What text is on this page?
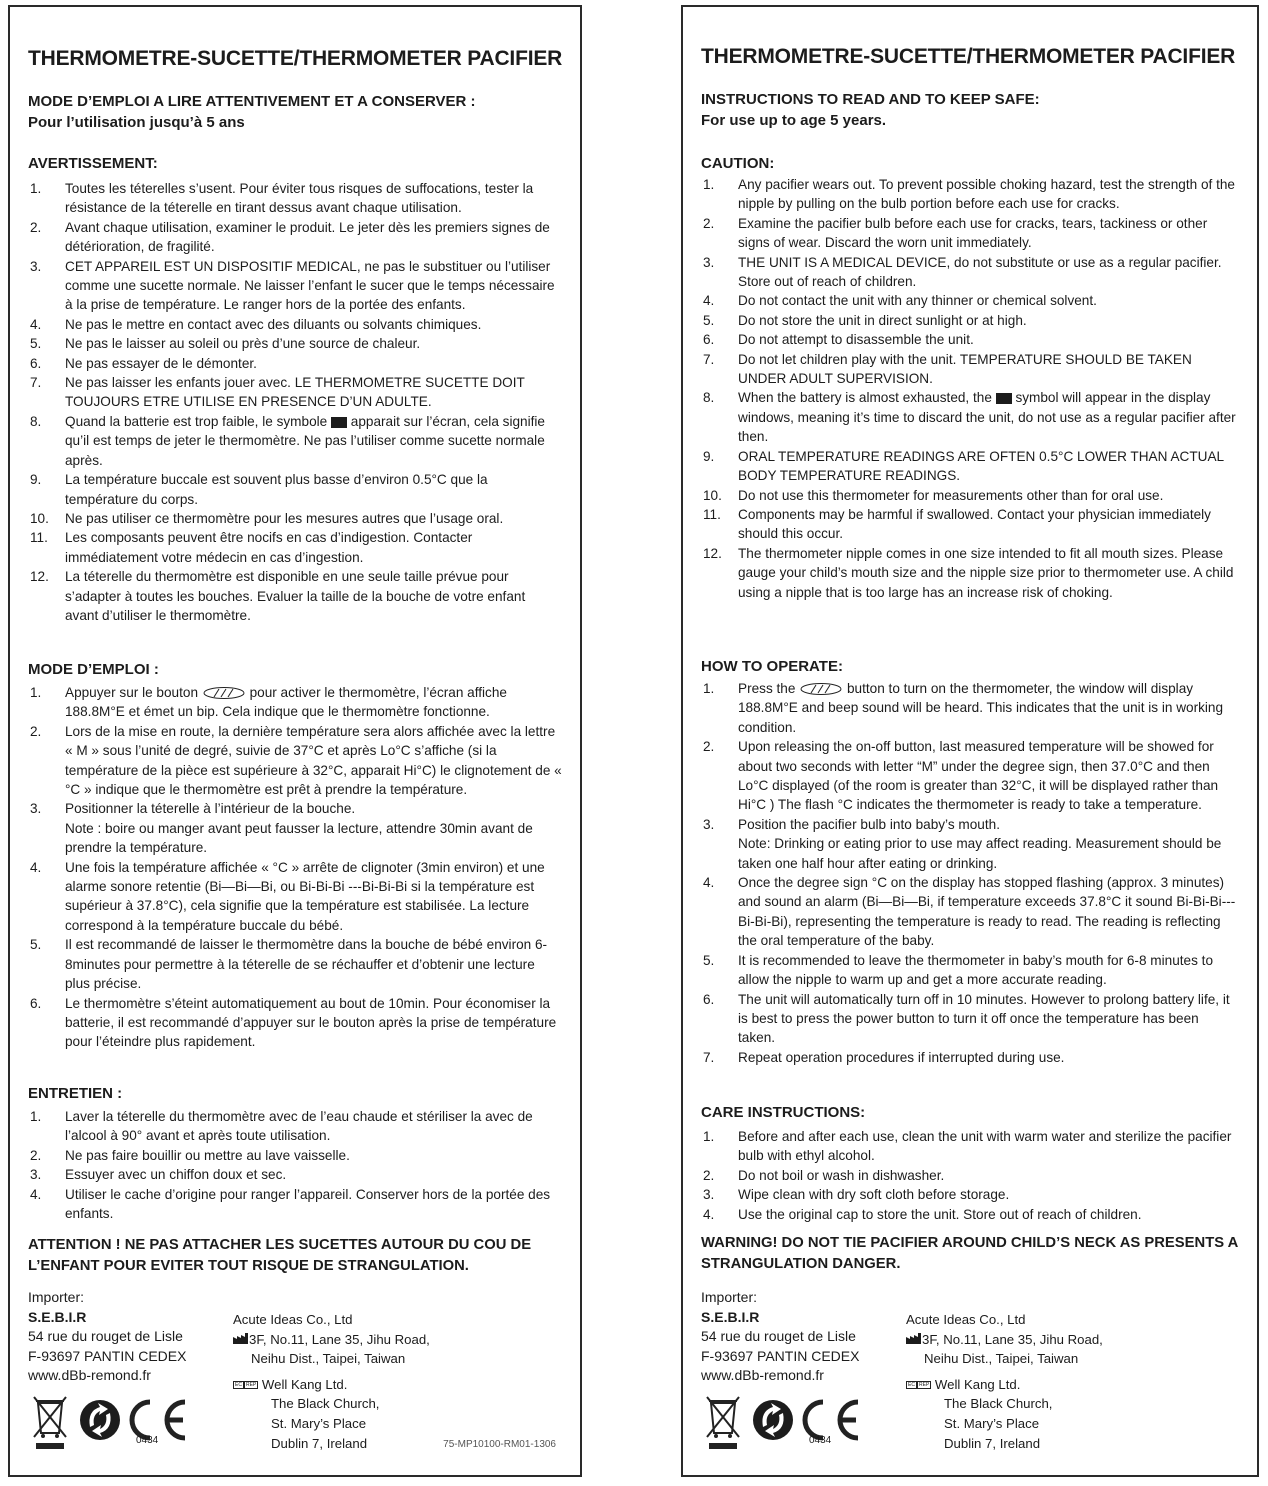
THERMOMETRE-SUCETTE/THERMOMETER PACIFIER
MODE D’EMPLOI A LIRE ATTENTIVEMENT ET A CONSERVER :
Pour l’utilisation jusqu’à 5 ans
AVERTISSEMENT:
1. Toutes les téterelles s’usent. Pour éviter tous risques de suffocations, tester la résistance de la téterelle en tirant dessus avant chaque utilisation.
2. Avant chaque utilisation, examiner le produit. Le jeter dès les premiers signes de détérioration, de fragilité.
3. CET APPAREIL EST UN DISPOSITIF MEDICAL, ne pas le substituer ou l’utiliser comme une sucette normale. Ne laisser l’enfant le sucer que le temps nécessaire à la prise de température. Le ranger hors de la portée des enfants.
4. Ne pas le mettre en contact avec des diluants ou solvants chimiques.
5. Ne pas le laisser au soleil ou près d’une source de chaleur.
6. Ne pas essayer de le démonter.
7. Ne pas laisser les enfants jouer avec. LE THERMOMETRE SUCETTE DOIT TOUJOURS ETRE UTILISE EN PRESENCE D’UN ADULTE.
8. Quand la batterie est trop faible, le symbole apparait sur l’écran, cela signifie qu’il est temps de jeter le thermomètre. Ne pas l’utiliser comme sucette normale après.
9. La température buccale est souvent plus basse d’environ 0.5°C que la température du corps.
10. Ne pas utiliser ce thermomètre pour les mesures autres que l’usage oral.
11. Les composants peuvent être nocifs en cas d’indigestion. Contacter immédiatement votre médecin en cas d’ingestion.
12. La téterelle du thermomètre est disponible en une seule taille prévue pour s’adapter à toutes les bouches. Evaluer la taille de la bouche de votre enfant avant d’utiliser le thermomètre.
MODE D’EMPLOI :
1. Appuyer sur le bouton	pour activer le thermomètre, l’écran affiche 188.8M°E et émet un bip. Cela indique que le thermomètre fonctionne.
2. Lors de la mise en route, la dernière température sera alors affichée avec la lettre « M » sous l’unité de degré, suivie de 37°C et après Lo°C s’affiche (si la température de la pièce est supérieure à 32°C, apparait Hi°C) le clignotement de « °C » indique que le thermomètre est prêt à prendre la température.
3. Positionner la téterelle à l’intérieur de la bouche.
Note : boire ou manger avant peut fausser la lecture, attendre 30min avant de prendre la température.
4. Une fois la température affichée « °C » arrête de clignoter (3min environ) et une alarme sonore retentie (Bi—Bi—Bi, ou Bi-Bi-Bi ---Bi-Bi-Bi si la température est supérieur à 37.8°C), cela signifie que la température est stabilisée. La lecture correspond à la température buccale du bébé.
5. Il est recommandé de laisser le thermomètre dans la bouche de bébé environ 6-8minutes pour permettre à la téterelle de se réchauffer et d’obtenir une lecture plus précise.
6. Le thermomètre s’éteint automatiquement au bout de 10min. Pour économiser la batterie, il est recommandé d’appuyer sur le bouton après la prise de température pour l’éteindre plus rapidement.
ENTRETIEN :
1. Laver la téterelle du thermomètre avec de l’eau chaude et stériliser la avec de l’alcool à 90° avant et après toute utilisation.
2. Ne pas faire bouillir ou mettre au lave vaisselle.
3. Essuyer avec un chiffon doux et sec.
4. Utiliser le cache d’origine pour ranger l’appareil. Conserver hors de la portée des enfants.
ATTENTION ! NE PAS ATTACHER LES SUCETTES AUTOUR DU COU DE L’ENFANT POUR EVITER TOUT RISQUE DE STRANGULATION.
Importer:
S.E.B.I.R
54 rue du rouget de Lisle
F-93697 PANTIN CEDEX
www.dBb-remond.fr
Acute Ideas Co., Ltd
3F, No.11, Lane 35, Jihu Road,
Neihu Dist., Taipei, Taiwan
EC REP Well Kang Ltd.
The Black Church,
St. Mary’s Place
Dublin 7, Ireland
0434	75-MP10100-RM01-1306
THERMOMETRE-SUCETTE/THERMOMETER PACIFIER
INSTRUCTIONS TO READ AND TO KEEP SAFE:
For use up to age 5 years.
CAUTION:
1. Any pacifier wears out. To prevent possible choking hazard, test the strength of the nipple by pulling on the bulb portion before each use for cracks.
2. Examine the pacifier bulb before each use for cracks, tears, tackiness or other signs of wear. Discard the worn unit immediately.
3. THE UNIT IS A MEDICAL DEVICE, do not substitute or use as a regular pacifier. Store out of reach of children.
4. Do not contact the unit with any thinner or chemical solvent.
5. Do not store the unit in direct sunlight or at high.
6. Do not attempt to disassemble the unit.
7. Do not let children play with the unit. TEMPERATURE SHOULD BE TAKEN UNDER ADULT SUPERVISION.
8. When the battery is almost exhausted, the symbol will appear in the display windows, meaning it’s time to discard the unit, do not use as a regular pacifier after then.
9. ORAL TEMPERATURE READINGS ARE OFTEN 0.5°C LOWER THAN ACTUAL BODY TEMPERATURE READINGS.
10. Do not use this thermometer for measurements other than for oral use.
11. Components may be harmful if swallowed. Contact your physician immediately should this occur.
12. The thermometer nipple comes in one size intended to fit all mouth sizes. Please gauge your child’s mouth size and the nipple size prior to thermometer use. A child using a nipple that is too large has an increase risk of choking.
HOW TO OPERATE:
1. Press the	button to turn on the thermometer, the window will display 188.8M°E and beep sound will be heard. This indicates that the unit is in working condition.
2. Upon releasing the on-off button, last measured temperature will be showed for about two seconds with letter “M” under the degree sign, then 37.0°C and then Lo°C displayed (of the room is greater than 32°C, it will be displayed rather than Hi°C ) The flash °C indicates the thermometer is ready to take a temperature.
3. Position the pacifier bulb into baby’s mouth.
Note: Drinking or eating prior to use may affect reading. Measurement should be taken one half hour after eating or drinking.
4. Once the degree sign °C on the display has stopped flashing (approx. 3 minutes) and sound an alarm (Bi—Bi—Bi, if temperature exceeds 37.8°C it sound Bi-Bi-Bi---Bi-Bi-Bi), representing the temperature is ready to read. The reading is reflecting the oral temperature of the baby.
5. It is recommended to leave the thermometer in baby’s mouth for 6-8 minutes to allow the nipple to warm up and get a more accurate reading.
6. The unit will automatically turn off in 10 minutes. However to prolong battery life, it is best to press the power button to turn it off once the temperature has been taken.
7. Repeat operation procedures if interrupted during use.
CARE INSTRUCTIONS:
1. Before and after each use, clean the unit with warm water and sterilize the pacifier bulb with ethyl alcohol.
2. Do not boil or wash in dishwasher.
3. Wipe clean with dry soft cloth before storage.
4. Use the original cap to store the unit. Store out of reach of children.
WARNING! DO NOT TIE PACIFIER AROUND CHILD’S NECK AS PRESENTS A STRANGULATION DANGER.
Importer:
S.E.B.I.R
54 rue du rouget de Lisle
F-93697 PANTIN CEDEX
www.dBb-remond.fr
Acute Ideas Co., Ltd
3F, No.11, Lane 35, Jihu Road,
Neihu Dist., Taipei, Taiwan
EC REP Well Kang Ltd.
The Black Church,
St. Mary’s Place
Dublin 7, Ireland
0434
